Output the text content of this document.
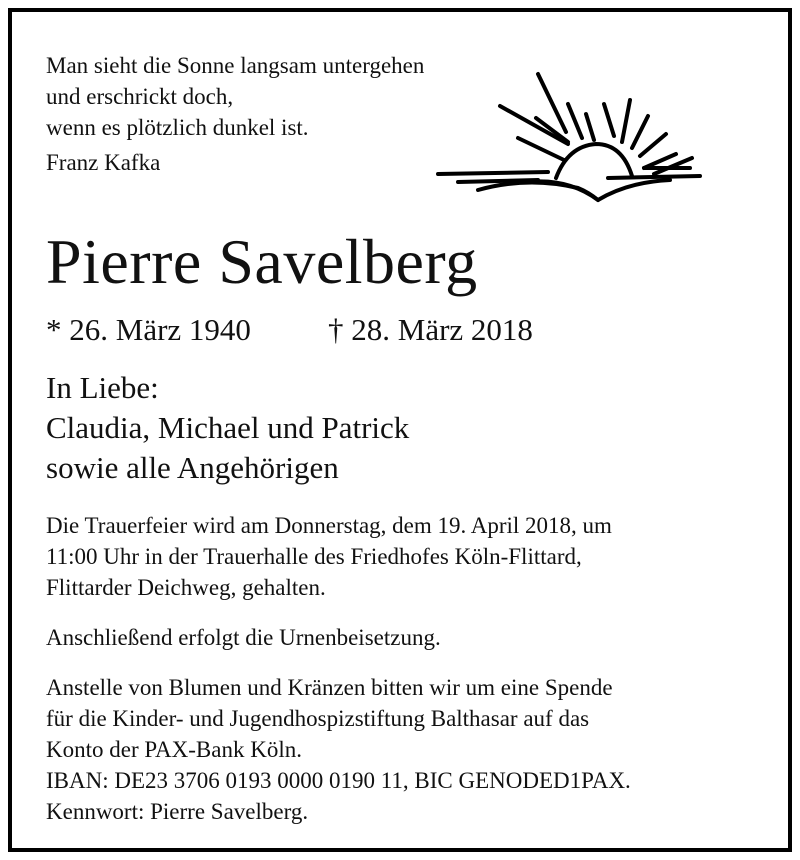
Man sieht die Sonne langsam untergehen
und erschrickt doch,
wenn es plötzlich dunkel ist.
Franz Kafka
Pierre Savelberg
* 26. März 1940	† 28. März 2018
In Liebe:
Claudia, Michael und Patrick
sowie alle Angehörigen
Die Trauerfeier wird am Donnerstag, dem 19. April 2018, um
11:00 Uhr in der Trauerhalle des Friedhofes Köln-Flittard,
Flittarder Deichweg, gehalten.
Anschließend erfolgt die Urnenbeisetzung.
Anstelle von Blumen und Kränzen bitten wir um eine Spende
für die Kinder- und Jugendhospizstiftung Balthasar auf das
Konto der PAX-Bank Köln.
IBAN: DE23 3706 0193 0000 0190 11, BIC GENODED1PAX.
Kennwort: Pierre Savelberg.
